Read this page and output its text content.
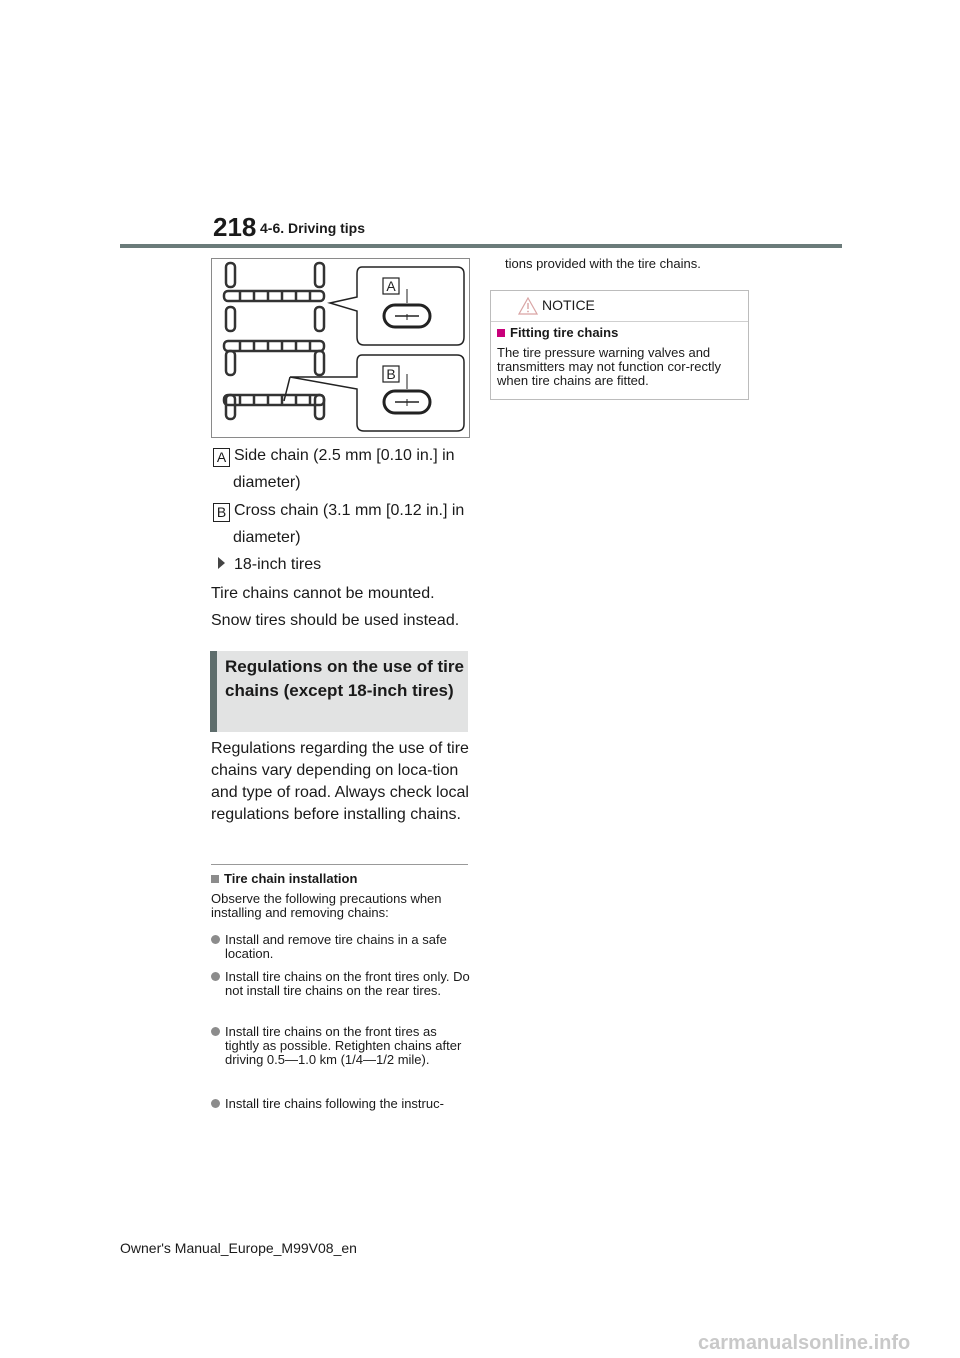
218 4-6. Driving tips
A
B
A Side chain (2.5 mm [0.10 in.] in
diameter)
B Cross chain (3.1 mm [0.12 in.] in
diameter)
18-inch tires
Tire chains cannot be mounted.
Snow tires should be used instead.
Regulations on the use of tire chains (except 18-inch tires)
Regulations regarding the use of tire chains vary depending on loca-tion and type of road. Always check local regulations before installing chains.
Tire chain installation
Observe the following precautions when installing and removing chains:
Install and remove tire chains in a safe location.
Install tire chains on the front tires only. Do not install tire chains on the rear tires.
Install tire chains on the front tires as tightly as possible. Retighten chains after driving 0.5—1.0 km (1/4—1/2 mile).
Install tire chains following the instruc-
tions provided with the tire chains.
NOTICE
Fitting tire chains
The tire pressure warning valves and transmitters may not function cor-rectly when tire chains are fitted.
Owner's Manual_Europe_M99V08_en
carmanualsonline.info
